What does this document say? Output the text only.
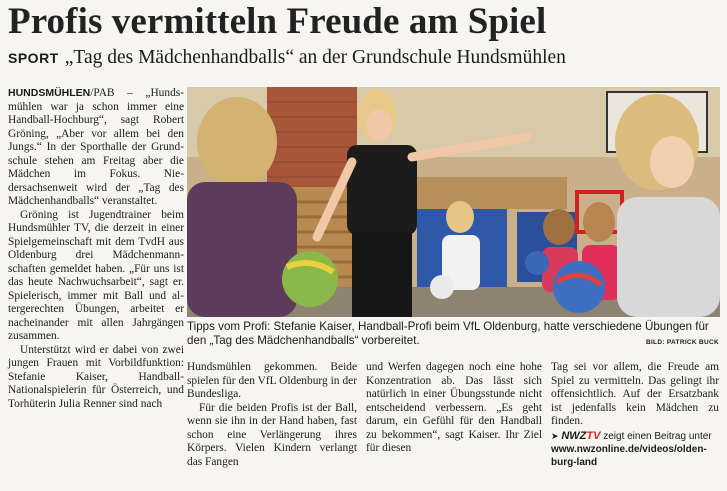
Profis vermitteln Freude am Spiel
SPORT „Tag des Mädchenhandballs“ an der Grundschule Hundsmühlen

HUNDSMÜHLEN/PAB – „Hundsmühlen war ja schon immer eine Handball-Hochburg“, sagt Robert Gröning, „Aber vor allem bei den Jungs.“ In der Sporthalle der Grundschule stehen am Freitag aber die Mädchen im Fokus. Niedersachsenweit wird der „Tag des Mädchenhandballs“ veranstaltet.

Gröning ist Jugendtrainer beim Hundsmühler TV, die derzeit in einer Spielgemeinschaft mit dem TvdH aus Oldenburg drei Mädchenmannschaften gemeldet haben. „Für uns ist das heute Nachwuchsarbeit“, sagt er. Spielerisch, immer mit Ball und altergerechten Übungen, arbeitet er nacheinander mit allen Jahrgängen zusammen.

Unterstützt wird er dabei von zwei jungen Frauen mit Vorbildfunktion: Stefanie Kaiser, Handball-Nationalspielerin für Österreich, und Torhüterin Julia Renner sind nach

Tipps vom Profi: Stefanie Kaiser, Handball-Profi beim VfL Oldenburg, hatte verschiedene Übungen für den „Tag des Mädchenhandballs“ vorbereitet.	BILD: PATRICK BUCK

Hundsmühlen gekommen. Beide spielen für den VfL Oldenburg in der Bundesliga.

Für die beiden Profis ist der Ball, wenn sie ihn in der Hand haben, fast schon eine Verlängerung ihres Körpers. Vielen Kindern verlangt das Fangen

und Werfen dagegen noch eine hohe Konzentration ab. Das lässt sich natürlich in einer Übungsstunde nicht entscheidend verbessern. „Es geht darum, ein Gefühl für den Handball zu bekommen“, sagt Kaiser. Ihr Ziel für diesen

Tag sei vor allem, die Freude am Spiel zu vermitteln. Das gelingt ihr offensichtlich. Auf der Ersatzbank ist jedenfalls kein Mädchen zu finden.

➤ NWZTV zeigt einen Beitrag unter
www.nwzonline.de/videos/oldenburg-land
